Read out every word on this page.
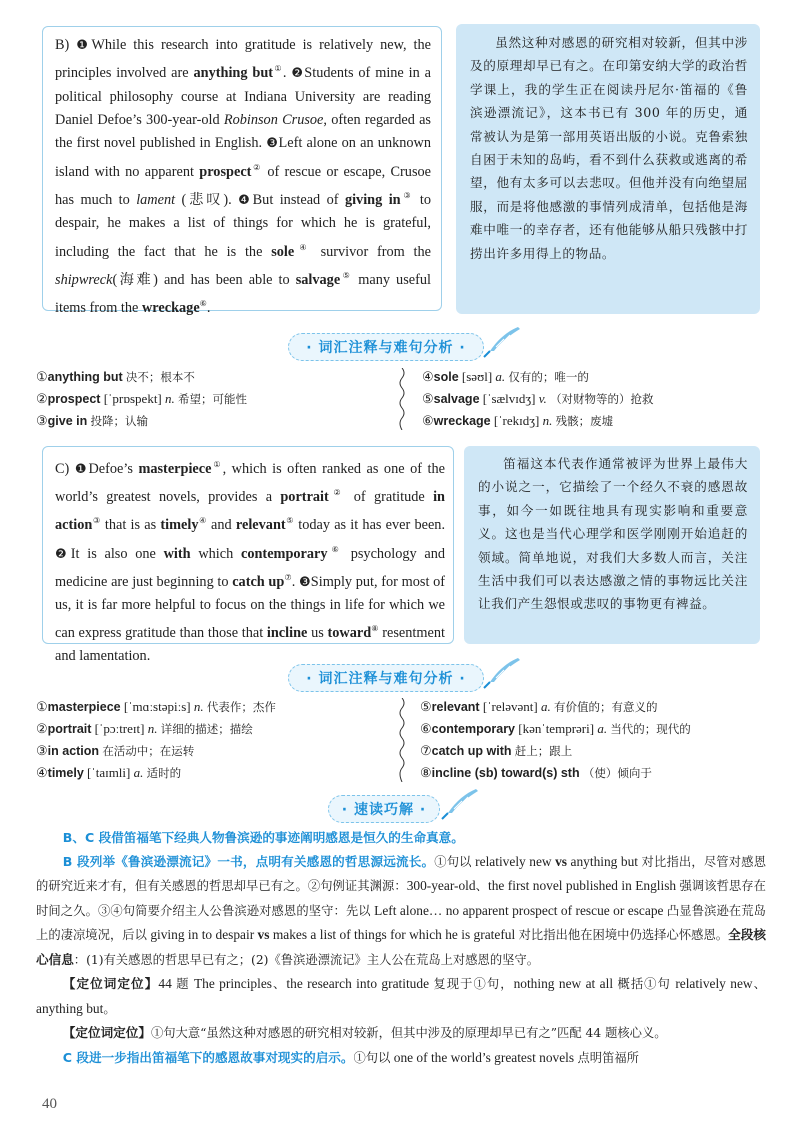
B) ❶While this research into gratitude is relatively new, the principles involved are anything but①. ❷Students of mine in a political philosophy course at Indiana University are reading Daniel Defoe’s 300-year-old Robinson Crusoe, often regarded as the first novel published in English. ❸Left alone on an unknown island with no apparent prospect② of rescue or escape, Crusoe has much to lament (悲叹). ❹But instead of giving in③ to despair, he makes a list of things for which he is grateful, including the fact that he is the sole④ survivor from the shipwreck(海难) and has been able to salvage⑤ many useful items from the wreckage⑥.
虽然这种对感恩的研究相对较新，但其中涉及的原理却早已有之。在印第安纳大学的政治哲学课上，我的学生正在阅读丹尼尔·笛福的《鲁滨逊漂流记》，这本书已有 300 年的历史，通常被认为是第一部用英语出版的小说。克鲁索独自困于未知的岛屿，看不到什么获救或逃离的希望，他有太多可以去悲叹。但他并没有向绝望屈服，而是将他感激的事情列成清单，包括他是海难中唯一的幸存者，还有他能够从船只残骸中打捞出许多用得上的物品。
· 词汇注释与难句分析 ·
①anything but 决不；根本不
②prospect [ˈprɒspekt] n. 希望；可能性
③give in 投降；认输
④sole [səʊl] a. 仅有的；唯一的
⑤salvage [ˈsælvɪdʒ] v. （对财物等的）抢救
⑥wreckage [ˈrekɪdʒ] n. 残骸；废墟
C) ❶Defoe’s masterpiece①, which is often ranked as one of the world’s greatest novels, provides a portrait② of gratitude in action③ that is as timely④ and relevant⑤ today as it has ever been. ❷It is also one with which contemporary⑥ psychology and medicine are just beginning to catch up⑦. ❸Simply put, for most of us, it is far more helpful to focus on the things in life for which we can express gratitude than those that incline us toward⑧ resentment and lamentation.
笛福这本代表作通常被评为世界上最伟大的小说之一，它描绘了一个经久不衰的感恩故事，如今一如既往地具有现实影响和重要意义。这也是当代心理学和医学刚刚开始追赶的领域。简单地说，对我们大多数人而言，关注生活中我们可以表达感激之情的事物远比关注让我们产生怨恨或悲叹的事物更有裨益。
· 词汇注释与难句分析 ·
①masterpiece [ˈmɑːstəpiːs] n. 代表作；杰作
②portrait [ˈpɔːtreɪt] n. 详细的描述；描绘
③in action 在活动中；在运转
④timely [ˈtaɪmli] a. 适时的
⑤relevant [ˈreləvənt] a. 有价值的；有意义的
⑥contemporary [kənˈtemprəri] a. 当代的；现代的
⑦catch up with 赶上；跟上
⑧incline (sb) toward(s) sth （使）倾向于
· 速读巧解 ·
B、C 段借笛福笔下经典人物鲁滨逊的事迹阐明感恩是恒久的生命真意。
B 段列举《鲁滨逊漂流记》一书，点明有关感恩的哲思源远流长。①句以 relatively new vs anything but 对比指出，尽管对感恩的研究近来才有，但有关感恩的哲思却早已有之。②句例证其渊源：300-year-old、the first novel published in English 强调该哲思存在时间之久。③④句简要介绍主人公鲁滨逊对感恩的坚守：先以 Left alone… no apparent prospect of rescue or escape 凸显鲁滨逊在荒岛上的凄凉境况，后以 giving in to despair vs makes a list of things for which he is grateful 对比指出他在困境中仍选择心怀感恩。全段核心信息：(1)有关感恩的哲思早已有之；(2)《鲁滨逊漂流记》主人公在荒岛上对感恩的坚守。
【定位词定位】44 题 The principles、the research into gratitude 复现于①句，nothing new at all 概括①句 relatively new、anything but。
【定位词定位】①句大意“虽然这种对感恩的研究相对较新，但其中涉及的原理却早已有之”匹配 44 题核心义。
C 段进一步指出笛福笔下的感恩故事对现实的启示。①句以 one of the world’s greatest novels 点明笛福所
40
